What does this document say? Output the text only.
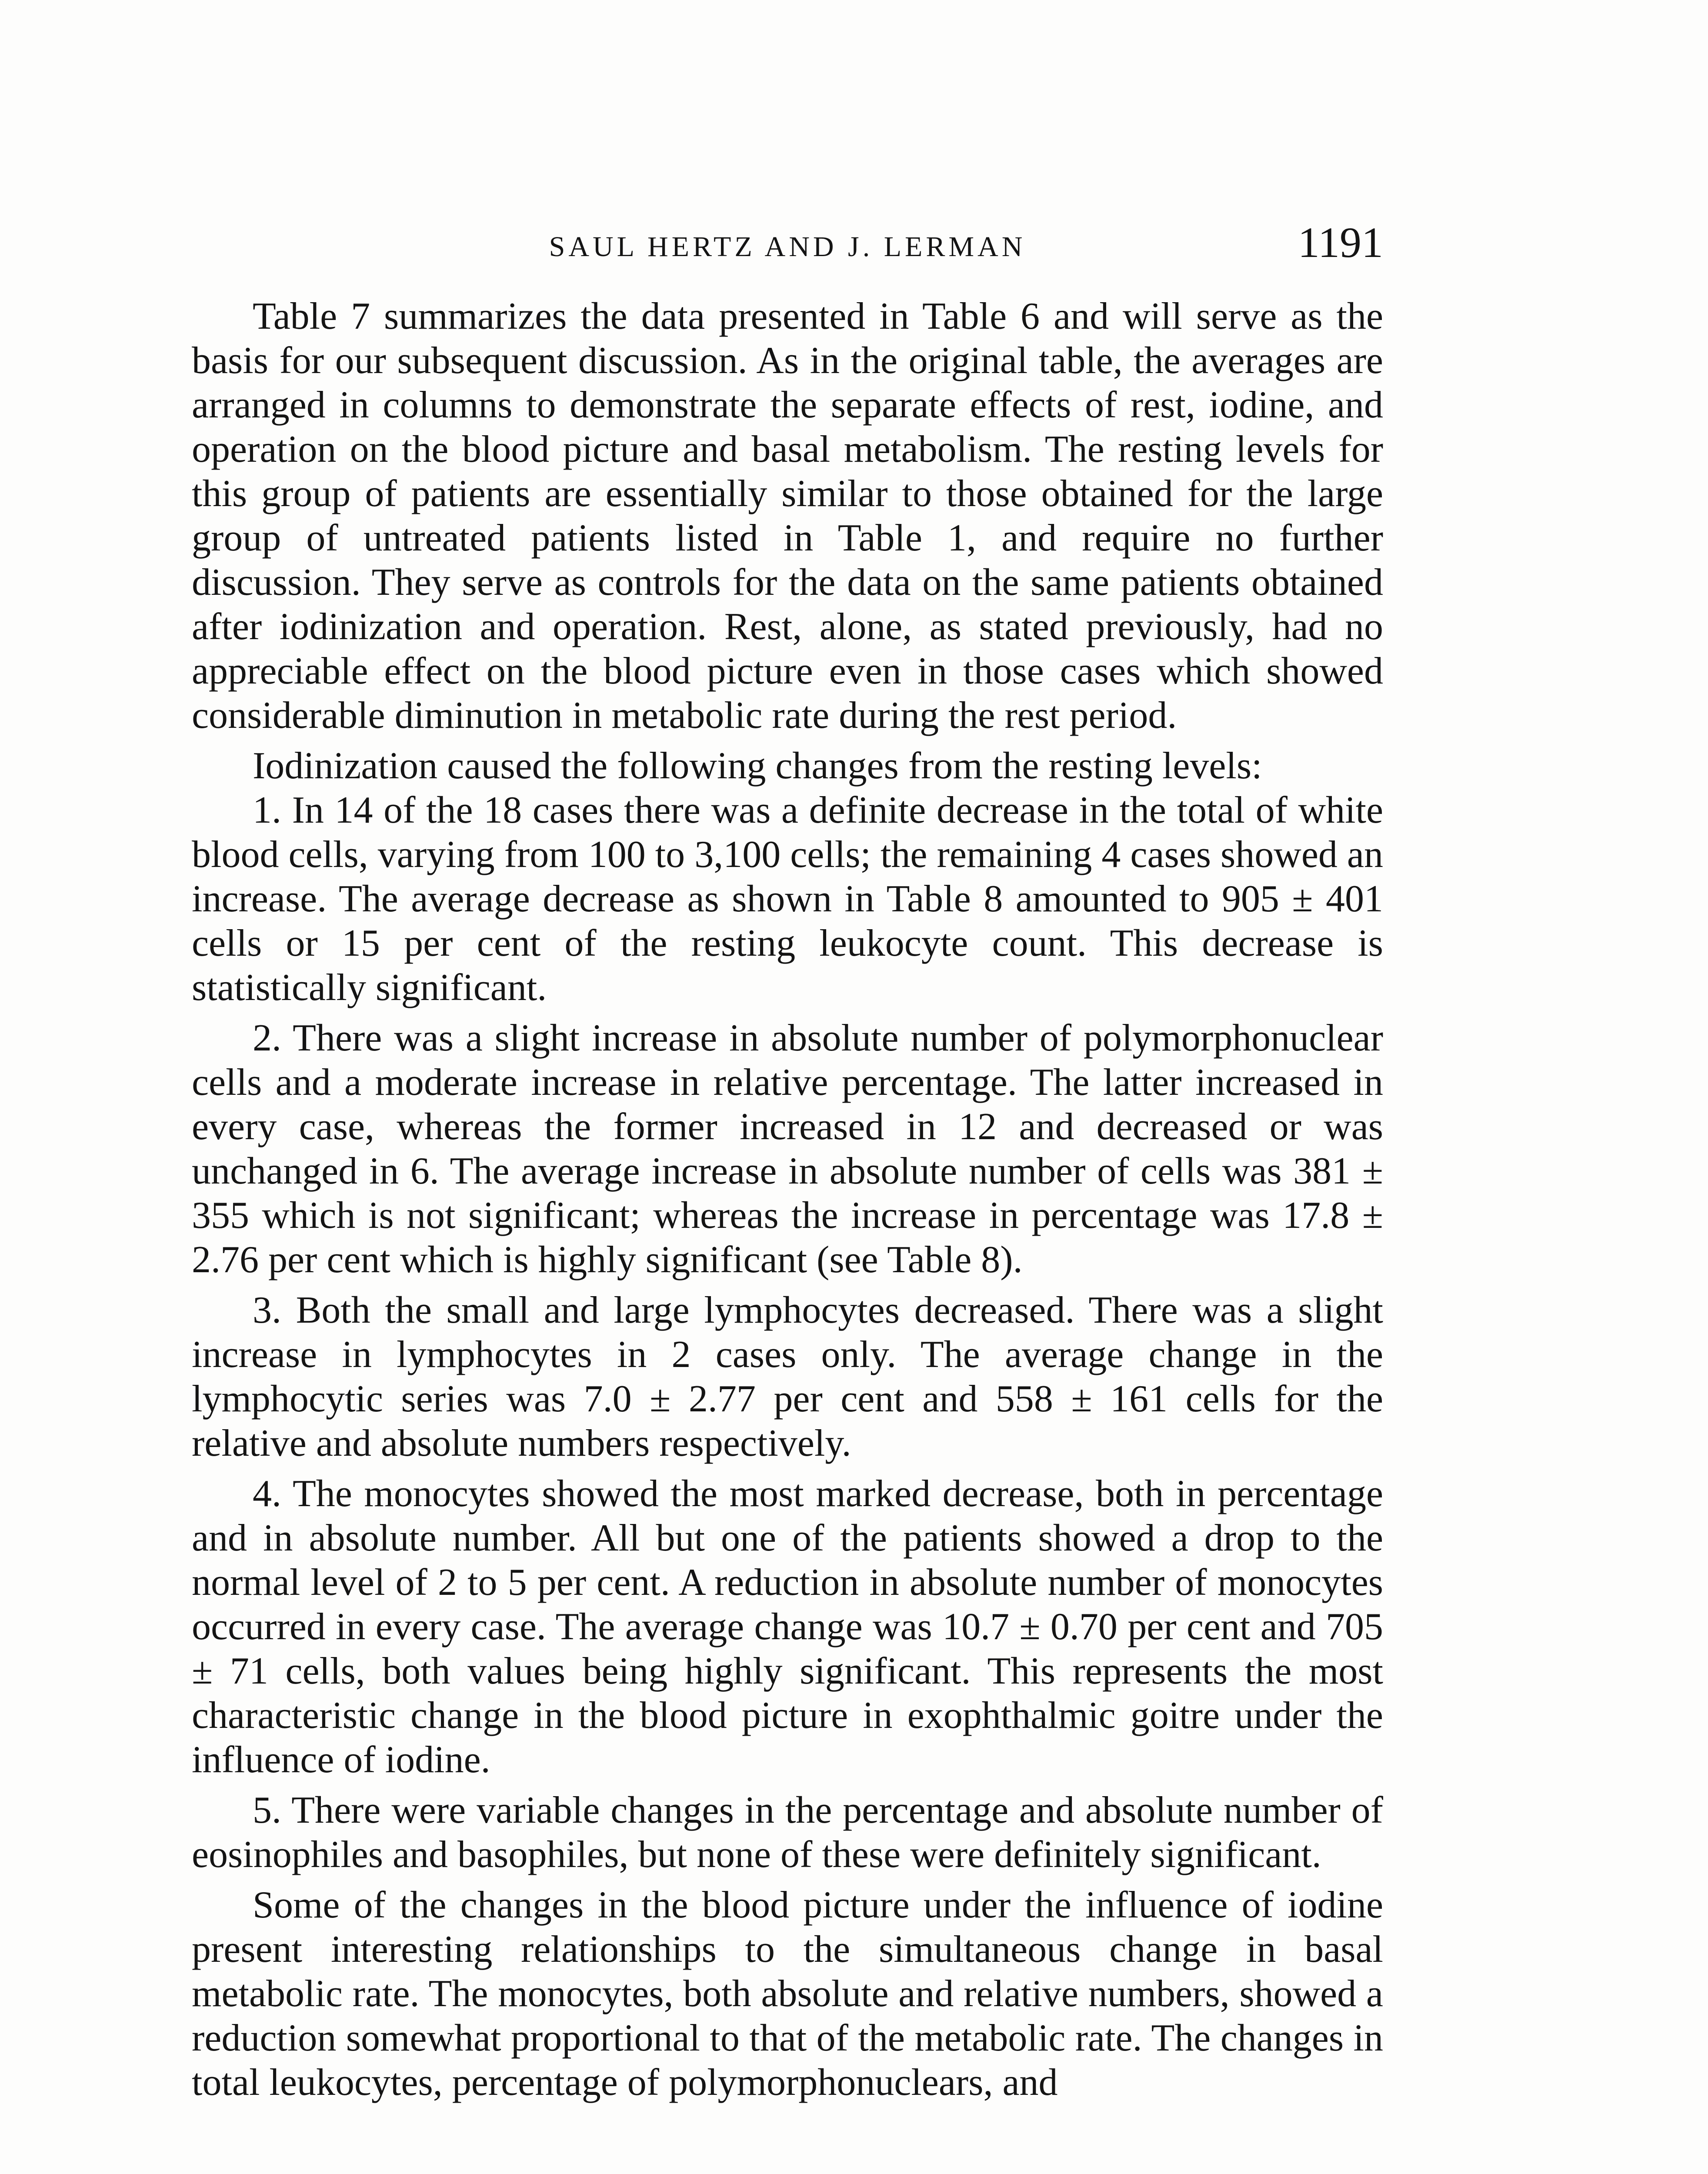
SAUL HERTZ AND J. LERMAN	1191

Table 7 summarizes the data presented in Table 6 and will serve as the basis for our subsequent discussion. As in the original table, the averages are arranged in columns to demonstrate the separate effects of rest, iodine, and operation on the blood picture and basal metabolism. The resting levels for this group of patients are essentially similar to those obtained for the large group of untreated patients listed in Table 1, and require no further discussion. They serve as controls for the data on the same patients obtained after iodinization and operation. Rest, alone, as stated previously, had no appreciable effect on the blood picture even in those cases which showed considerable diminution in metabolic rate during the rest period.

Iodinization caused the following changes from the resting levels:

1. In 14 of the 18 cases there was a definite decrease in the total of white blood cells, varying from 100 to 3,100 cells; the remaining 4 cases showed an increase. The average decrease as shown in Table 8 amounted to 905 ± 401 cells or 15 per cent of the resting leukocyte count. This decrease is statistically significant.

2. There was a slight increase in absolute number of polymorphonuclear cells and a moderate increase in relative percentage. The latter increased in every case, whereas the former increased in 12 and decreased or was unchanged in 6. The average increase in absolute number of cells was 381 ± 355 which is not significant; whereas the increase in percentage was 17.8 ± 2.76 per cent which is highly significant (see Table 8).

3. Both the small and large lymphocytes decreased. There was a slight increase in lymphocytes in 2 cases only. The average change in the lymphocytic series was 7.0 ± 2.77 per cent and 558 ± 161 cells for the relative and absolute numbers respectively.

4. The monocytes showed the most marked decrease, both in percentage and in absolute number. All but one of the patients showed a drop to the normal level of 2 to 5 per cent. A reduction in absolute number of monocytes occurred in every case. The average change was 10.7 ± 0.70 per cent and 705 ± 71 cells, both values being highly significant. This represents the most characteristic change in the blood picture in exophthalmic goitre under the influence of iodine.

5. There were variable changes in the percentage and absolute number of eosinophiles and basophiles, but none of these were definitely significant.

Some of the changes in the blood picture under the influence of iodine present interesting relationships to the simultaneous change in basal metabolic rate. The monocytes, both absolute and relative numbers, showed a reduction somewhat proportional to that of the metabolic rate. The changes in total leukocytes, percentage of polymorphonuclears, and
